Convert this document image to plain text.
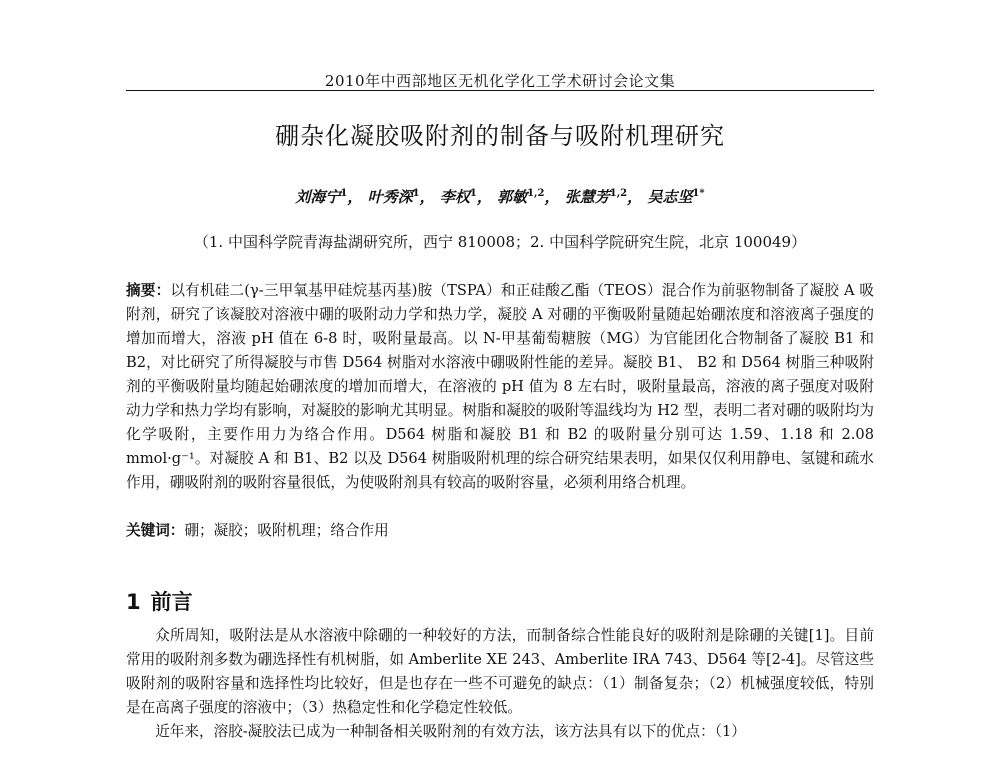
2010年中西部地区无机化学化工学术研讨会论文集
硼杂化凝胶吸附剂的制备与吸附机理研究
刘海宁$^1$， 叶秀深$^1$， 李权$^1$， 郭敏$^{1,2}$， 张慧芳$^{1,2}$， 吴志坚$^{1*}$
（1. 中国科学院青海盐湖研究所，西宁 810008；2. 中国科学院研究生院，北京 100049）
摘要：以有机硅二(γ-三甲氧基甲硅烷基丙基)胺（TSPA）和正硅酸乙酯（TEOS）混合作为前驱物制备了凝胶 A 吸附剂，研究了该凝胶对溶液中硼的吸附动力学和热力学，凝胶 A 对硼的平衡吸附量随起始硼浓度和溶液离子强度的增加而增大，溶液 pH 值在 6-8 时，吸附量最高。以 N-甲基葡萄糖胺（MG）为官能团化合物制备了凝胶 B1 和 B2，对比研究了所得凝胶与市售 D564 树脂对水溶液中硼吸附性能的差异。凝胶 B1、 B2 和 D564 树脂三种吸附剂的平衡吸附量均随起始硼浓度的增加而增大，在溶液的 pH 值为 8 左右时，吸附量最高，溶液的离子强度对吸附动力学和热力学均有影响，对凝胶的影响尤其明显。树脂和凝胶的吸附等温线均为 H2 型，表明二者对硼的吸附均为化学吸附，主要作用力为络合作用。D564 树脂和凝胶 B1 和 B2 的吸附量分别可达 1.59、1.18 和 2.08 mmol·g⁻¹。对凝胶 A 和 B1、B2 以及 D564 树脂吸附机理的综合研究结果表明，如果仅仅利用静电、氢键和疏水作用，硼吸附剂的吸附容量很低，为使吸附剂具有较高的吸附容量，必须利用络合机理。
关键词：硼；凝胶；吸附机理；络合作用
1 前言

众所周知，吸附法是从水溶液中除硼的一种较好的方法，而制备综合性能良好的吸附剂是除硼的关键[1]。目前常用的吸附剂多数为硼选择性有机树脂，如 Amberlite XE 243、Amberlite IRA 743、D564 等[2-4]。尽管这些吸附剂的吸附容量和选择性均比较好，但是也存在一些不可避免的缺点：（1）制备复杂；（2）机械强度较低，特别是在高离子强度的溶液中；（3）热稳定性和化学稳定性较低。

近年来，溶胶-凝胶法已成为一种制备相关吸附剂的有效方法，该方法具有以下的优点：（1）
